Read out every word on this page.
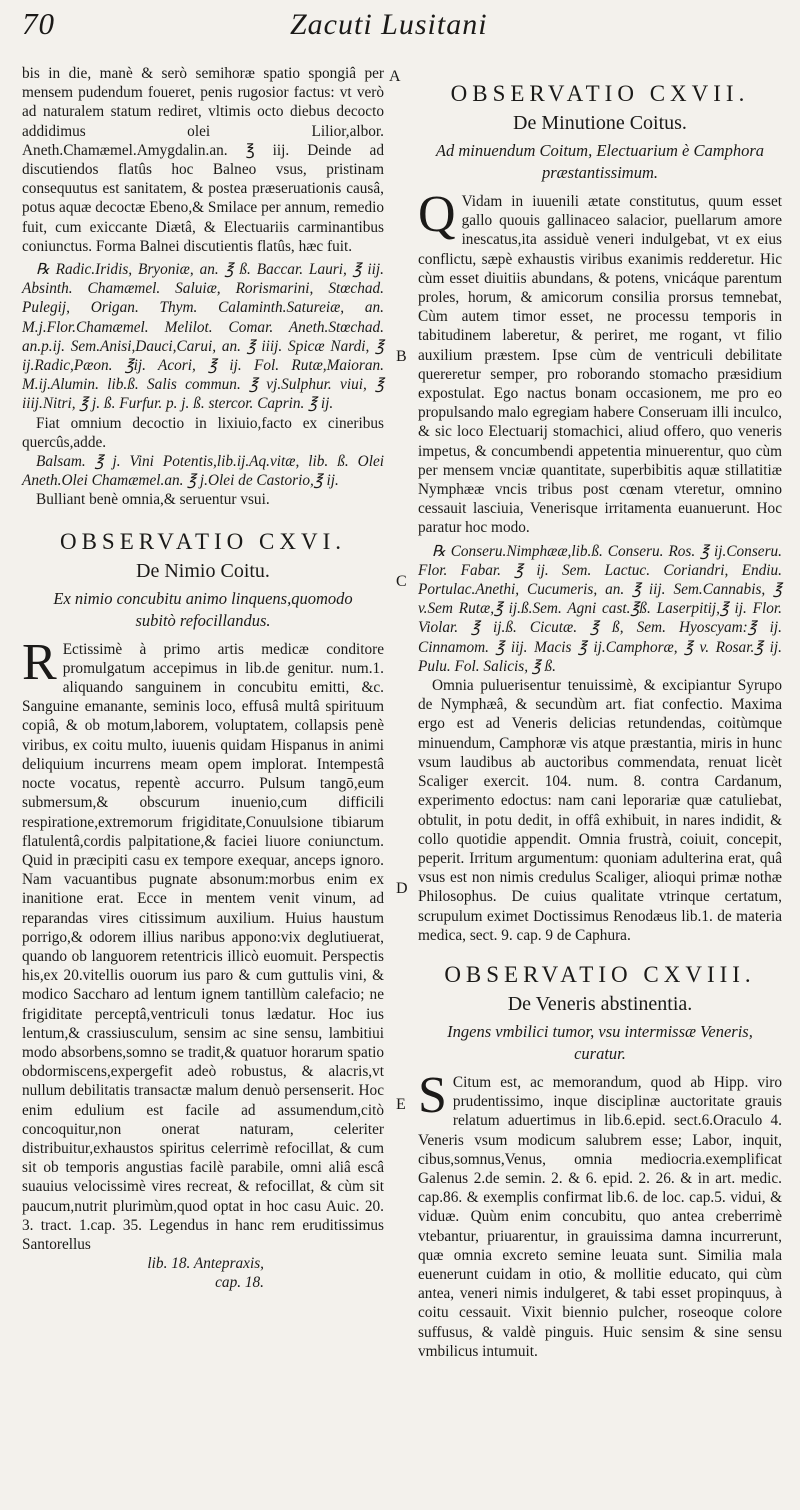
70	Zacuti Lusitani
A
B
C
D
E

bis in die, manè & serò semihoræ spatio spongiâ per mensem pudendum foueret, penis rugosior factus: vt verò ad naturalem statum rediret, vltimis octo diebus decocto addidimus olei Lilior,albor. Aneth.Chamæmel.Amygdalin.an. ℥ iij. Deinde ad discutiendos flatûs hoc Balneo vsus, pristinam consequutus est sanitatem, & postea præseruationis causâ, potus aquæ decoctæ Ebeno,& Smilace per annum, remedio fuit, cum exiccante Diætâ, & Electuariis carminantibus coniunctus. Forma Balnei discutientis flatûs, hæc fuit.

℞ Radic.Iridis, Bryoniæ, an. ℥ ß. Baccar. Lauri, ℥ iij. Absinth. Chamæmel. Saluiæ, Rorismarini, Stœchad. Pulegij, Origan. Thym. Calaminth.Satureiæ, an. M.j.Flor.Chamæmel. Melilot. Comar. Aneth.Stœchad. an.p.ij. Sem.Anisi,Dauci,Carui, an. ℥ iiij. Spicæ Nardi, ℥ ij.Radic,Pæon. ℥ij. Acori, ℥ ij. Fol. Rutæ,Maioran. M.ij.Alumin. lib.ß. Salis commun. ℥ vj.Sulphur. viui, ℥ iiij.Nitri, ℥ j. ß. Furfur. p. j. ß. stercor. Caprin. ℥ ij.

Fiat omnium decoctio in lixiuio,facto ex cineribus quercûs,adde.

Balsam. ℥ j. Vini Potentis,lib.ij.Aq.vitæ, lib. ß. Olei Aneth.Olei Chamæmel.an. ℥ j.Olei de Castorio,℥ ij.

Bulliant benè omnia,& seruentur vsui.

OBSERVATIO CXVI.
De Nimio Coitu.
Ex nimio concubitu animo linquens,quomodo subitò refocillandus.

R Ectissimè à primo artis medicæ conditore promulgatum accepimus in lib.de genitur. num.1. aliquando sanguinem in concubitu emitti, &c. Sanguine emanante, seminis loco, effusâ multâ spirituum copiâ, & ob motum,laborem, voluptatem, collapsis penè viribus, ex coitu multo, iuuenis quidam Hispanus in animi deliquium incurrens meam opem implorat. Intempestâ nocte vocatus, repentè accurro. Pulsum tangō,eum submersum,& obscurum inuenio,cum difficili respiratione,extremorum frigiditate,Conuulsione tibiarum flatulentâ,cordis palpitatione,& faciei liuore coniunctum. Quid in præcipiti casu ex tempore exequar, anceps ignoro. Nam vacuantibus pugnate absonum:morbus enim ex inanitione erat. Ecce in mentem venit vinum, ad reparandas vires citissimum auxilium. Huius haustum porrigo,& odorem illius naribus appono:vix deglutiuerat, quando ob languorem retentricis illicò euomuit. Perspectis his,ex 20.vitellis ouorum ius paro & cum guttulis vini, & modico Sacchаro ad lentum ignem tantillùm calefacio; ne frigiditate perceptâ,ventriculi tonus lædatur. Hoc ius lentum,& crassiusculum, sensim ac sine sensu, lambitiui modo absorbens,somno se tradit,& quatuor horarum spatio obdormiscens,expergefit adeò robustus, & alacris,vt nullum debilitatis transactæ malum denuò persenserit. Hoc enim edulium est facile ad assumendum,citò concoquitur,non onerat naturam, celeriter distribuitur,exhaustos spiritus celerrimè refocillat, & cum sit ob temporis angustias facilè parabile, omni aliâ escâ suauius velocissimè vires recreat, & refocillat, & cùm sit paucum,nutrit plurimùm,quod optat in hoc casu Auic. 20. 3. tract. 1.cap. 35. Legendus in hanc rem eruditissimus Santorellus

lib. 18. Antepraxis,
cap. 18.
OBSERVATIO CXVII.
De Minutione Coitus.
Ad minuendum Coitum, Electuarium è Camphora præstantissimum.

Q Vidam in iuuenili ætate constitutus, quum esset gallo quouis gallinaceo salacior, puellarum amore inescatus,ita assiduè veneri indulgebat, vt ex eius conflictu, sæpè exhaustis viribus exanimis redderetur. Hic cùm esset diuitiis abundans, & potens, vnicáque parentum proles, horum, & amicorum consilia prorsus temnebat, Cùm autem timor esset, ne processu temporis in tabitudinem laberetur, & periret, me rogant, vt filio auxilium præstem. Ipse cùm de ventriculi debilitate quereretur semper, pro roborando stomacho præsidium expostulat. Ego nactus bonam occasionem, me pro eo propulsando malo egregiam habere Conseruam illi inculco, & sic loco Electuarij stomachici, aliud offero, quo veneris impetus, & concumbendi appetentia minuerentur, quo cùm per mensem vnciæ quantitate, superbibitis aquæ stillatitiæ Nymphææ vncis tribus post cœnam vteretur, omnino cessauit lasciuia, Venerisque irritamenta euanuerunt. Hoc paratur hoc modo.

℞ Conseru.Nimphææ,lib.ß. Conseru. Ros. ℥ ij.Conseru. Flor. Fabar. ℥ ij. Sem. Lactuc. Coriandri, Endiu. Portulac.Anethi, Cucumeris, an. ℥ iij. Sem.Cannabis, ℥ v.Sem Rutæ,℥ ij.ß.Sem. Agni cast.℥ß. Laserpitij,℥ ij. Flor. Violar. ℥ ij.ß. Cicutæ. ℥ ß, Sem. Hyoscyam:℥ ij. Cinnamom. ℥ iij. Macis ℥ ij.Camphoræ, ℥ v. Rosar.℥ ij. Pulu. Fol. Salicis, ℥ ß.

Omnia puluerisentur tenuissimè, & excipiantur Syrupo de Nymphæâ, & secundùm art. fiat confectio. Maxima ergo est ad Veneris delicias retundendas, coitùmque minuendum, Camphoræ vis atque præstantia, miris in hunc vsum laudibus ab auctoribus commendata, renuat licèt Scaliger exercit. 104. num. 8. contra Cardanum, experimento edoctus: nam cani leporariæ quæ catuliebat, obtulit, in potu dedit, in offâ exhibuit, in nares indidit, & collo quotidie appendit. Omnia frustrà, coiuit, concepit, peperit. Irritum argumentum: quoniam adulterina erat, quâ vsus est non nimis credulus Scaliger, alioqui primæ nothæ Philosophus. De cuius qualitate vtrinque certatum, scrupulum eximet Doctissimus Renodæus lib.1. de materia medica, sect. 9. cap. 9 de Caphura.

OBSERVATIO CXVIII.
De Veneris abstinentia.
Ingens vmbilici tumor, vsu intermissæ Veneris, curatur.

S Citum est, ac memorandum, quod ab Hipp. viro prudentissimo, inque disciplinæ auctoritate grauis relatum aduertimus in lib.6.epid. sect.6.Oraculo 4. Veneris vsum modicum salubrem esse; Labor, inquit, cibus,somnus,Venus, omnia mediocria.exemplificat Galenus 2.de semin. 2. & 6. epid. 2. 26. & in art. medic. cap.86. & exemplis confirmat lib.6. de loc. cap.5. vidui, & viduæ. Quùm enim concubitu, quo antea creberrimè vtebantur, priuarentur, in grauissima damna incurrerunt, quæ omnia excreto semine leuata sunt. Similia mala euenerunt cuidam in otio, & mollitie educato, qui cùm antea, veneri nimis indulgeret, & tabi esset propinquus, à coitu cessauit. Vixit biennio pulcher, roseoque colore suffusus, & valdè pinguis. Huic sensim & sine sensu vmbilicus intumuit.
